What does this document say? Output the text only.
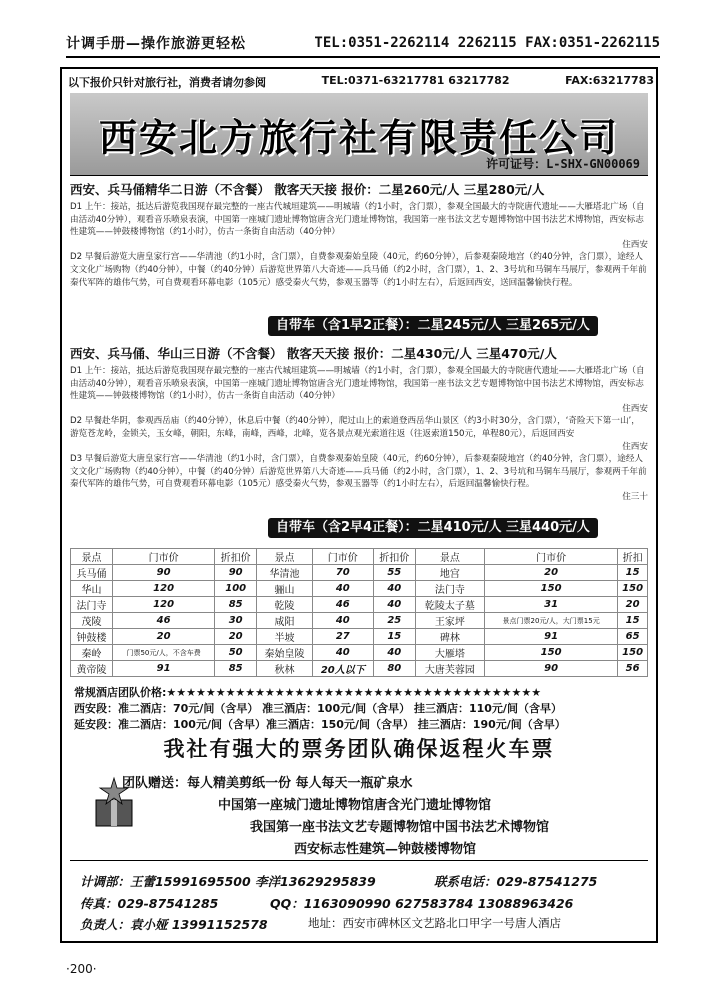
计调手册—操作旅游更轻松	TEL:0351-2262114 2262115 FAX:0351-2262115
以下报价只针对旅行社，消费者请勿参阅	TEL:0371-63217781 63217782	FAX:63217783
西安北方旅行社有限责任公司
许可证号：L-SHX-GN00069
西安、兵马俑精华二日游（不含餐） 散客天天接 报价：二星260元/人 三星280元/人

D1 上午：接站，抵达后游览我国现存最完整的一座古代城垣建筑——明城墙（约1小时，含门票），参观全国最大的寺院唐代遗址——大雁塔北广场（自由活动40分钟），观看音乐喷泉表演，中国第一座城门遗址博物馆唐含光门遗址博物馆，我国第一座书法文艺专题博物馆中国书法艺术博物馆，西安标志性建筑——钟鼓楼博物馆（约1小时），仿古一条街自由活动（40分钟）

住西安

D2 早餐后游览大唐皇家行宫——华清池（约1小时，含门票），自费参观秦始皇陵（40元，约60分钟），后参观秦陵地宫（约40分钟，含门票），途经人文文化广场购物（约40分钟），中餐（约40分钟）后游览世界第八大奇迹——兵马俑（约2小时，含门票），1、2、3号坑和马铜车马展厅，参观两千年前秦代军阵的雄伟气势，可自费观看环幕电影（105元）感受秦火气势，参观玉器等（约1小时左右），后返回西安，送回温馨愉快行程。

自带车（含1早2正餐）：二星245元/人 三星265元/人
西安、兵马俑、华山三日游（不含餐） 散客天天接 报价：二星430元/人 三星470元/人

D1 上午：接站，抵达后游览我国现存最完整的一座古代城垣建筑——明城墙（约1小时，含门票），参观全国最大的寺院唐代遗址——大雁塔北广场（自由活动40分钟），观看音乐喷泉表演，中国第一座城门遗址博物馆唐含光门遗址博物馆，我国第一座书法文艺专题博物馆中国书法艺术博物馆，西安标志性建筑——钟鼓楼博物馆（约1小时），仿古一条街自由活动（40分钟）

住西安

D2 早餐赴华阴，参观西岳庙（约40分钟），休息后中餐（约40分钟），爬过山上的索道登西岳华山景区（约3小时30分，含门票），‘奇险天下第一山’，游览苍龙岭，金锁关，玉女峰，朝阳，东峰，南峰，西峰，北峰，览各景点观光索道往返（往返索道150元，单程80元），后返回西安

住西安

D3 早餐后游览大唐皇家行宫——华清池（约1小时，含门票），自费参观秦始皇陵（40元，约60分钟），后参观秦陵地宫（约40分钟，含门票），途经人文文化广场购物（约40分钟），中餐（约40分钟）后游览世界第八大奇迹——兵马俑（约2小时，含门票），1、2、3号坑和马铜车马展厅，参观两千年前秦代军阵的雄伟气势，可自费观看环幕电影（105元）感受秦火气势，参观玉器等（约1小时左右），后返回温馨愉快行程。

住三十

自带车（含2早4正餐）：二星410元/人 三星440元/人
景点	门市价	折扣价	景点	门市价	折扣价	景点	门市价	折扣
兵马俑	90	90	华清池	70	55	地宫	20	15
华山	120	100	骊山	40	40	法门寺	150	150
法门寺	120	85	乾陵	46	40	乾陵太子墓	31	20
茂陵	46	30	咸阳	40	25	王家坪	景点门票20元/人，大门票15元	15
钟鼓楼	20	20	半坡	27	15	碑林	91	65
秦岭	门票50元/人，不含车费	50	秦始皇陵	40	40	大雁塔	150	150
黄帝陵	91	85	秋林	20人以下	80	大唐芙蓉园	90	56
常规酒店团队价格:★★★★★★★★★★★★★★★★★★★★★★★★★★★★★★★★★★★★★★
西安段：准二酒店：70元/间（含早） 准三酒店：100元/间（含早） 挂三酒店：110元/间（含早）
延安段：准二酒店：100元/间（含早）准三酒店：150元/间（含早） 挂三酒店：190元/间（含早）
我社有强大的票务团队确保返程火车票
团队赠送：每人精美剪纸一份 每人每天一瓶矿泉水
中国第一座城门遗址博物馆唐含光门遗址博物馆
我国第一座书法文艺专题博物馆中国书法艺术博物馆
西安标志性建筑—钟鼓楼博物馆
计调部：王蕾15991695500 李洋13629295839	联系电话：029-87541275
传真：029-87541285	QQ：1163090990 627583784 13088963426
负责人：袁小娅 13991152578	地址：西安市碑林区文艺路北口甲字一号唐人酒店
·200·
